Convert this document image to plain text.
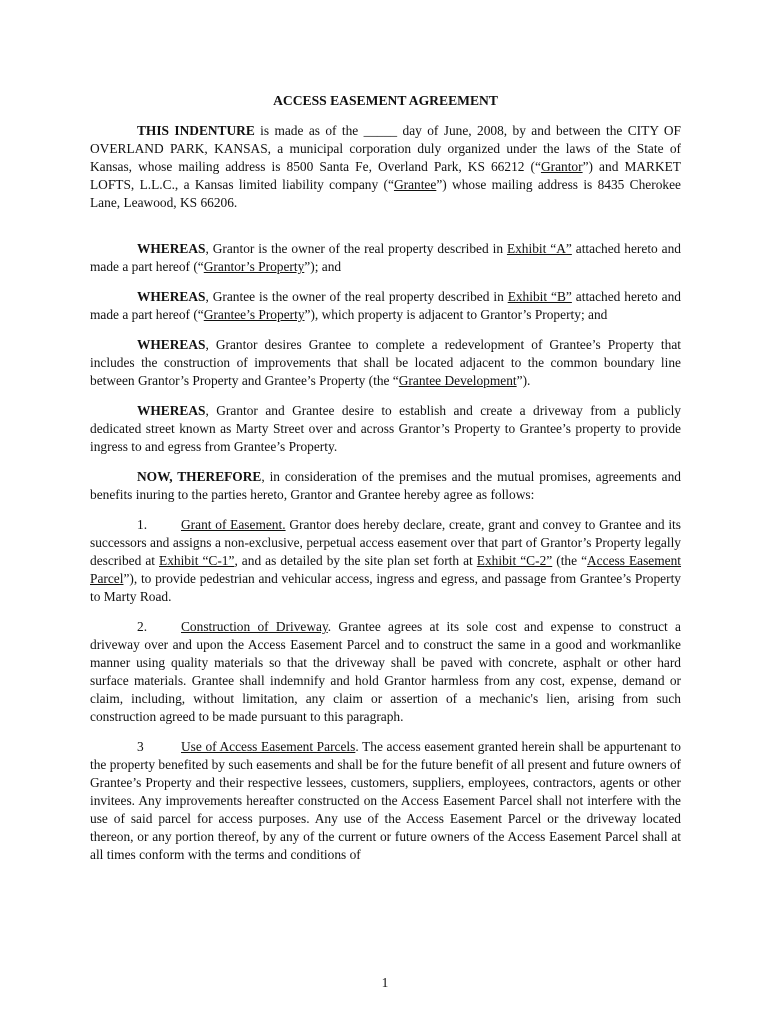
ACCESS EASEMENT AGREEMENT

THIS INDENTURE is made as of the _____ day of June, 2008, by and between the CITY OF OVERLAND PARK, KANSAS, a municipal corporation duly organized under the laws of the State of Kansas, whose mailing address is 8500 Santa Fe, Overland Park, KS 66212 (“Grantor”) and MARKET LOFTS, L.L.C., a Kansas limited liability company (“Grantee”) whose mailing address is 8435 Cherokee Lane, Leawood, KS 66206.

WHEREAS, Grantor is the owner of the real property described in Exhibit “A” attached hereto and made a part hereof (“Grantor’s Property”); and

WHEREAS, Grantee is the owner of the real property described in Exhibit “B” attached hereto and made a part hereof (“Grantee’s Property”), which property is adjacent to Grantor’s Property; and

WHEREAS, Grantor desires Grantee to complete a redevelopment of Grantee’s Property that includes the construction of improvements that shall be located adjacent to the common boundary line between Grantor’s Property and Grantee’s Property (the “Grantee Development”).

WHEREAS, Grantor and Grantee desire to establish and create a driveway from a publicly dedicated street known as Marty Street over and across Grantor’s Property to Grantee’s property to provide ingress to and egress from Grantee’s Property.

NOW, THEREFORE, in consideration of the premises and the mutual promises, agreements and benefits inuring to the parties hereto, Grantor and Grantee hereby agree as follows:

1.	Grant of Easement. Grantor does hereby declare, create, grant and convey to Grantee and its successors and assigns a non-exclusive, perpetual access easement over that part of Grantor’s Property legally described at Exhibit “C-1”, and as detailed by the site plan set forth at Exhibit “C-2” (the “Access Easement Parcel”), to provide pedestrian and vehicular access, ingress and egress, and passage from Grantee’s Property to Marty Road.

2.	Construction of Driveway. Grantee agrees at its sole cost and expense to construct a driveway over and upon the Access Easement Parcel and to construct the same in a good and workmanlike manner using quality materials so that the driveway shall be paved with concrete, asphalt or other hard surface materials. Grantee shall indemnify and hold Grantor harmless from any cost, expense, demand or claim, including, without limitation, any claim or assertion of a mechanic's lien, arising from such construction agreed to be made pursuant to this paragraph.

3	Use of Access Easement Parcels. The access easement granted herein shall be appurtenant to the property benefited by such easements and shall be for the future benefit of all present and future owners of Grantee’s Property and their respective lessees, customers, suppliers, employees, contractors, agents or other invitees. Any improvements hereafter constructed on the Access Easement Parcel shall not interfere with the use of said parcel for access purposes. Any use of the Access Easement Parcel or the driveway located thereon, or any portion thereof, by any of the current or future owners of the Access Easement Parcel shall at all times conform with the terms and conditions of

1
